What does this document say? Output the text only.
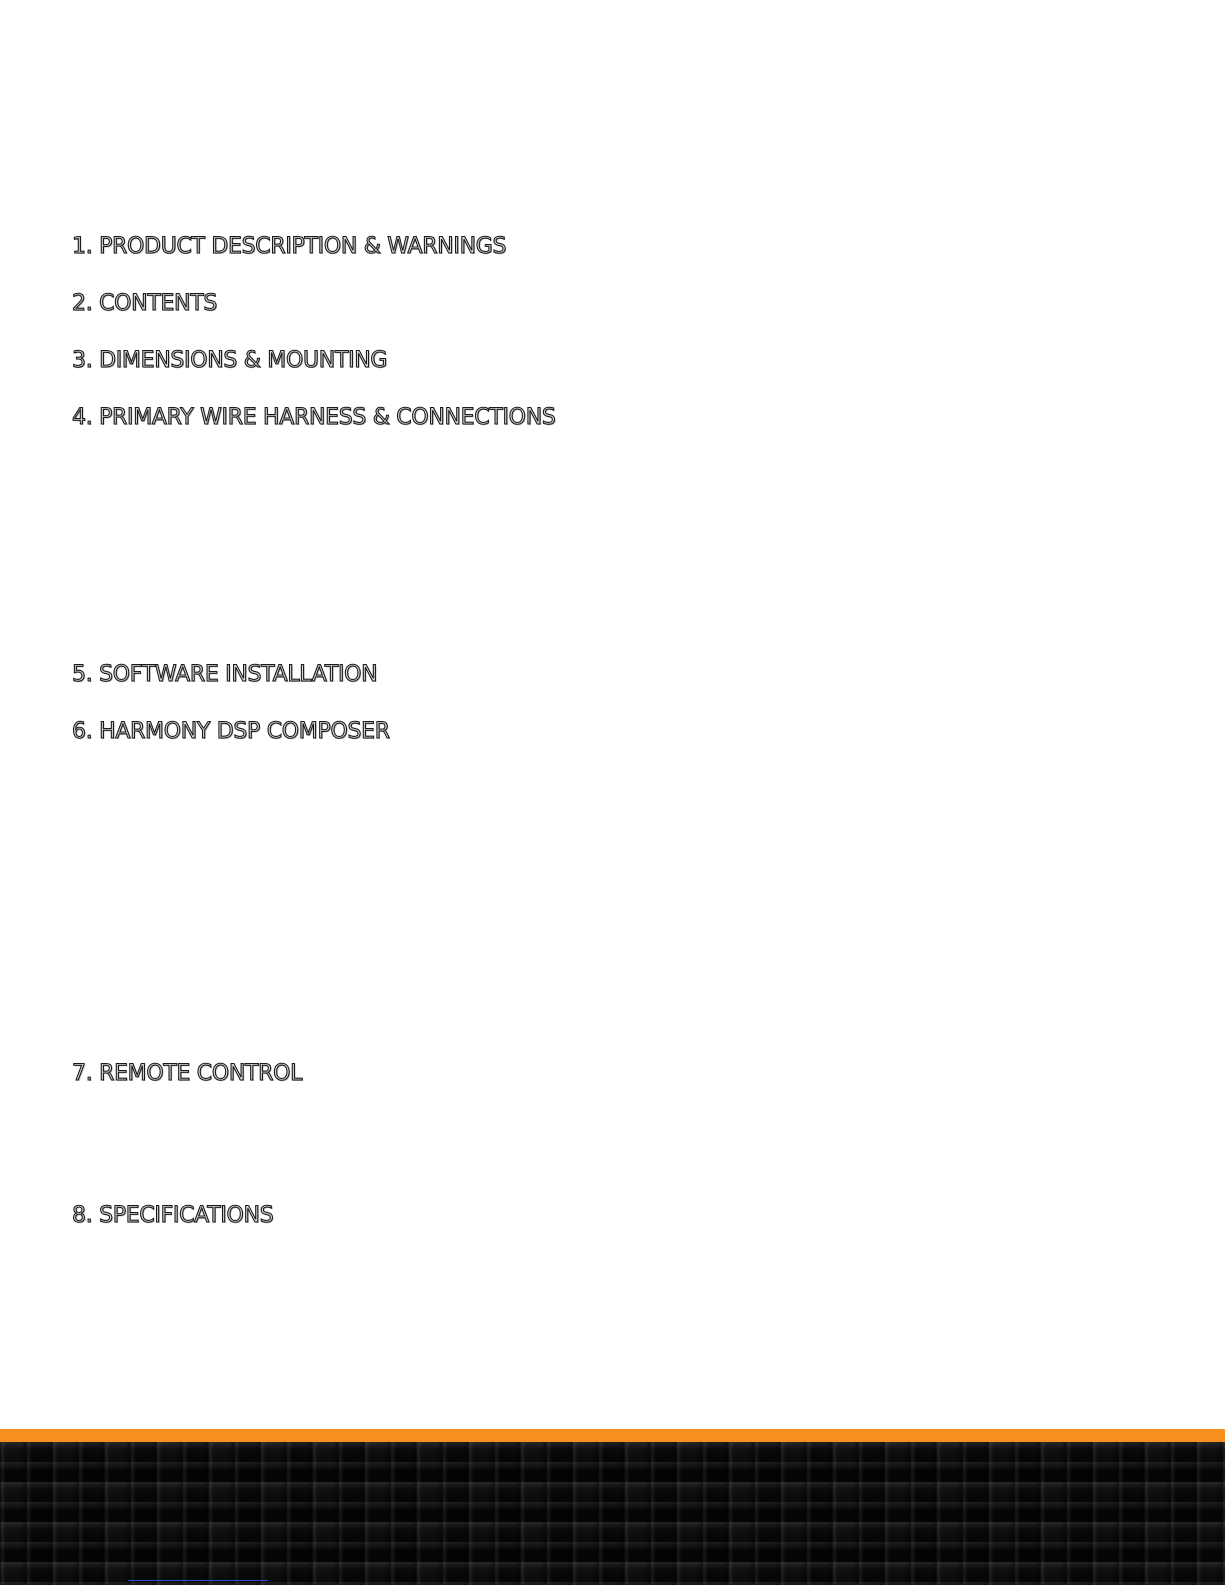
1. PRODUCT DESCRIPTION & WARNINGS
2. CONTENTS
3. DIMENSIONS & MOUNTING
4. PRIMARY WIRE HARNESS & CONNECTIONS
5. SOFTWARE INSTALLATION
6. HARMONY DSP COMPOSER
7. REMOTE CONTROL
8. SPECIFICATIONS
